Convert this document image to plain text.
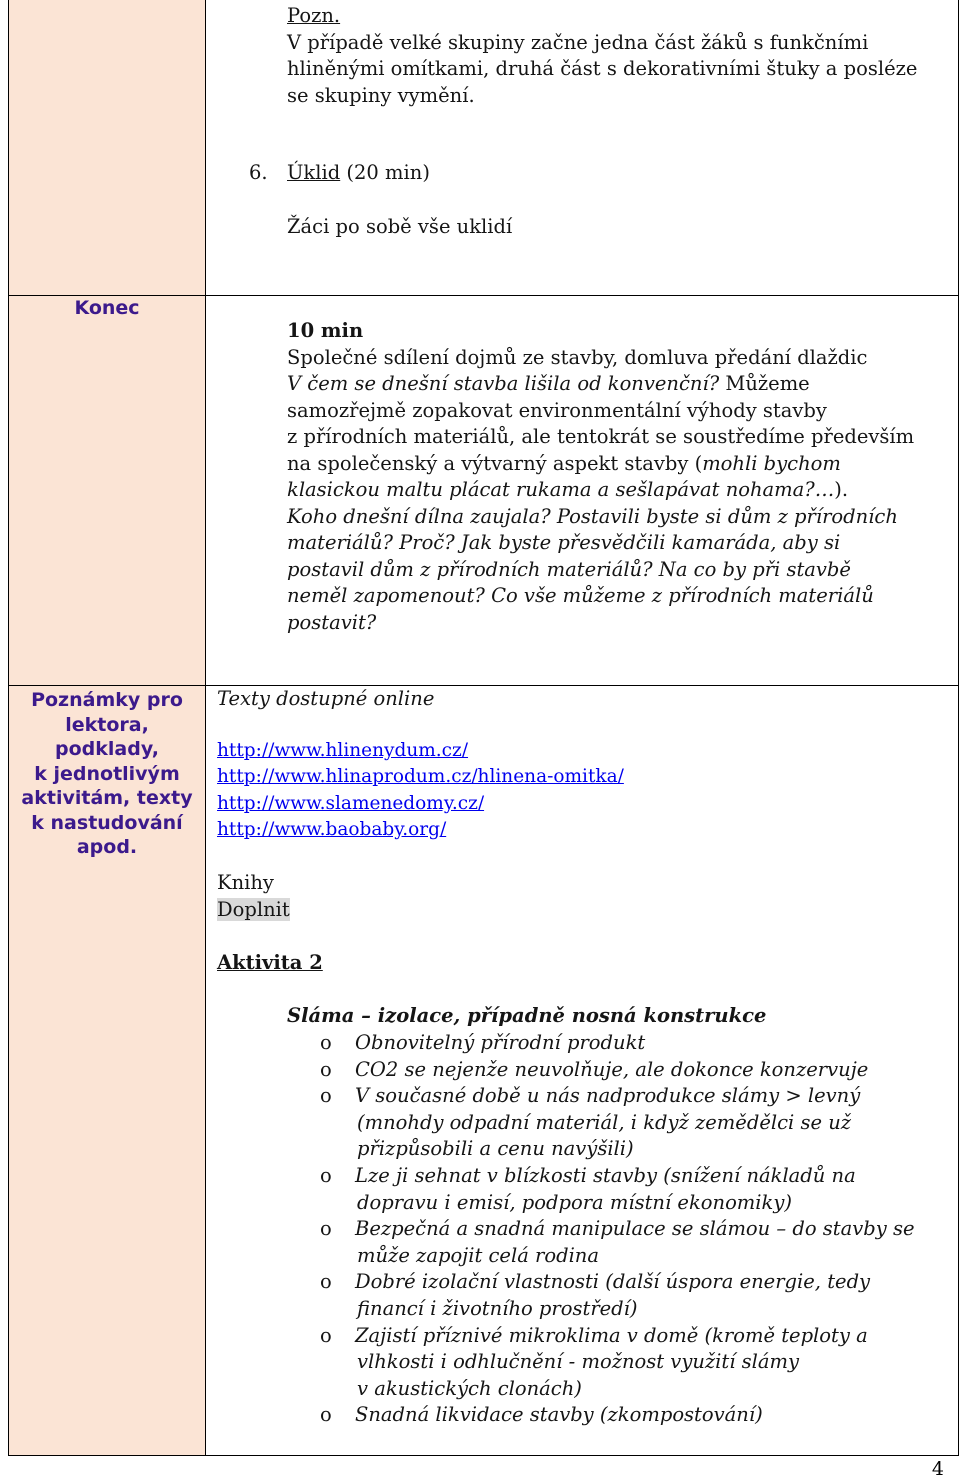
Pozn.
V případě velké skupiny začne jedna část žáků s funkčními
hliněnými omítkami, druhá část s dekorativními štuky a posléze
se skupiny vymění.
6. Úklid (20 min)
Žáci po sobě vše uklidí
Konec
10 min
Společné sdílení dojmů ze stavby, domluva předání dlaždic
V čem se dnešní stavba lišila od konvenční? Můžeme
samozřejmě zopakovat environmentální výhody stavby
z přírodních materiálů, ale tentokrát se soustředíme především
na společenský a výtvarný aspekt stavby (mohli bychom
klasickou maltu plácat rukama a sešlapávat nohama?…).
Koho dnešní dílna zaujala? Postavili byste si dům z přírodních
materiálů? Proč? Jak byste přesvědčili kamaráda, aby si
postavil dům z přírodních materiálů? Na co by při stavbě
neměl zapomenout? Co vše můžeme z přírodních materiálů
postavit?
Poznámky pro
lektora,
podklady,
k jednotlivým
aktivitám, texty
k nastudování
apod.
Texty dostupné online
http://www.hlinenydum.cz/
http://www.hlinaprodum.cz/hlinena-omitka/
http://www.slamenedomy.cz/
http://www.baobaby.org/
Knihy
Doplnit
Aktivita 2
Sláma – izolace, případně nosná konstrukce
o Obnovitelný přírodní produkt
o CO2 se nejenže neuvolňuje, ale dokonce konzervuje
o V současné době u nás nadprodukce slámy > levný
(mnohdy odpadní materiál, i když zemědělci se už
přizpůsobili a cenu navýšili)
o Lze ji sehnat v blízkosti stavby (snížení nákladů na
dopravu i emisí, podpora místní ekonomiky)
o Bezpečná a snadná manipulace se slámou – do stavby se
může zapojit celá rodina
o Dobré izolační vlastnosti (další úspora energie, tedy
financí i životního prostředí)
o Zajistí příznivé mikroklima v domě (kromě teploty a
vlhkosti i odhlučnění - možnost využití slámy
v akustických clonách)
o Snadná likvidace stavby (zkompostování)
4
